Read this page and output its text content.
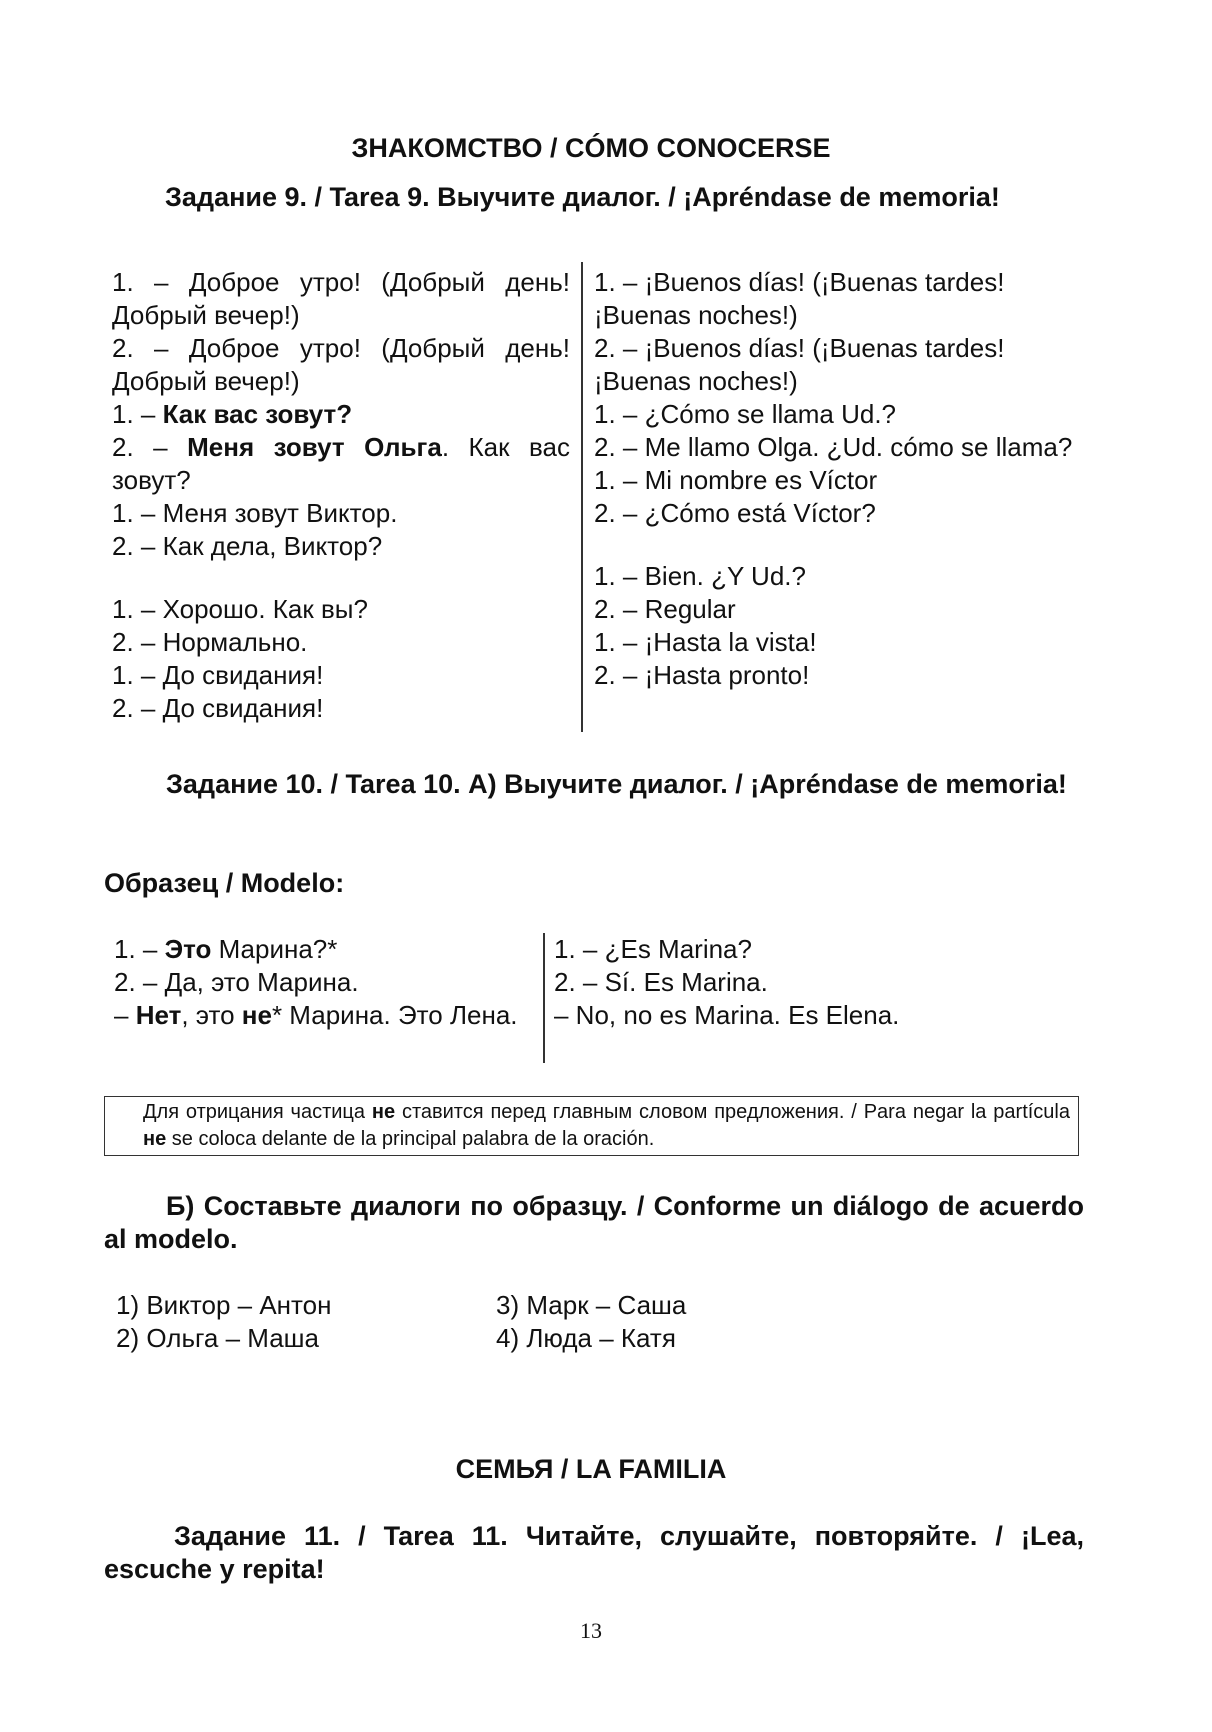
ЗНАКОМСТВО / CÓMO CONOCERSE
Задание 9. / Tarea 9. Выучите диалог. / ¡Apréndase de memoria!
1. – Доброе утро! (Добрый день! Добрый вечер!)
2. – Доброе утро! (Добрый день! Добрый вечер!)
1. – Как вас зовут?
2. – Меня зовут Ольга. Как вас зовут?
1. – Меня зовут Виктор.
2. – Как дела, Виктор?
1. – Хорошо. Как вы?
2. – Нормально.
1. – До свидания!
2. – До свидания!
1. – ¡Buenos días! (¡Buenas tardes! ¡Buenas noches!)
2. – ¡Buenos días! (¡Buenas tardes! ¡Buenas noches!)
1. – ¿Cómo se llama Ud.?
2. – Me llamo Olga. ¿Ud. cómo se llama?
1. – Mi nombre es Víctor
2. – ¿Cómo está Víctor?
1. – Bien. ¿Y Ud.?
2. – Regular
1. – ¡Hasta la vista!
2. – ¡Hasta pronto!
Задание 10. / Tarea 10. А) Выучите диалог. / ¡Apréndase de memoria!
Образец / Modelo:
1. – Это Марина?*
2. – Да, это Марина.
– Нет, это не* Марина. Это Лена.
1. – ¿Es Marina?
2. – Sí. Es Marina.
– No, no es Marina. Es Elena.
Для отрицания частица не ставится перед главным словом предложения. / Para negar la partícula не se coloca delante de la principal palabra de la oración.
Б) Составьте диалоги по образцу. / Conforme un diálogo de acuerdo al modelo.
1) Виктор – Антон
2) Ольга – Маша
3) Марк – Саша
4) Люда – Катя
СЕМЬЯ / LA FAMILIA
Задание 11. / Tarea 11. Читайте, слушайте, повторяйте. / ¡Lea, escuche y repita!
13
